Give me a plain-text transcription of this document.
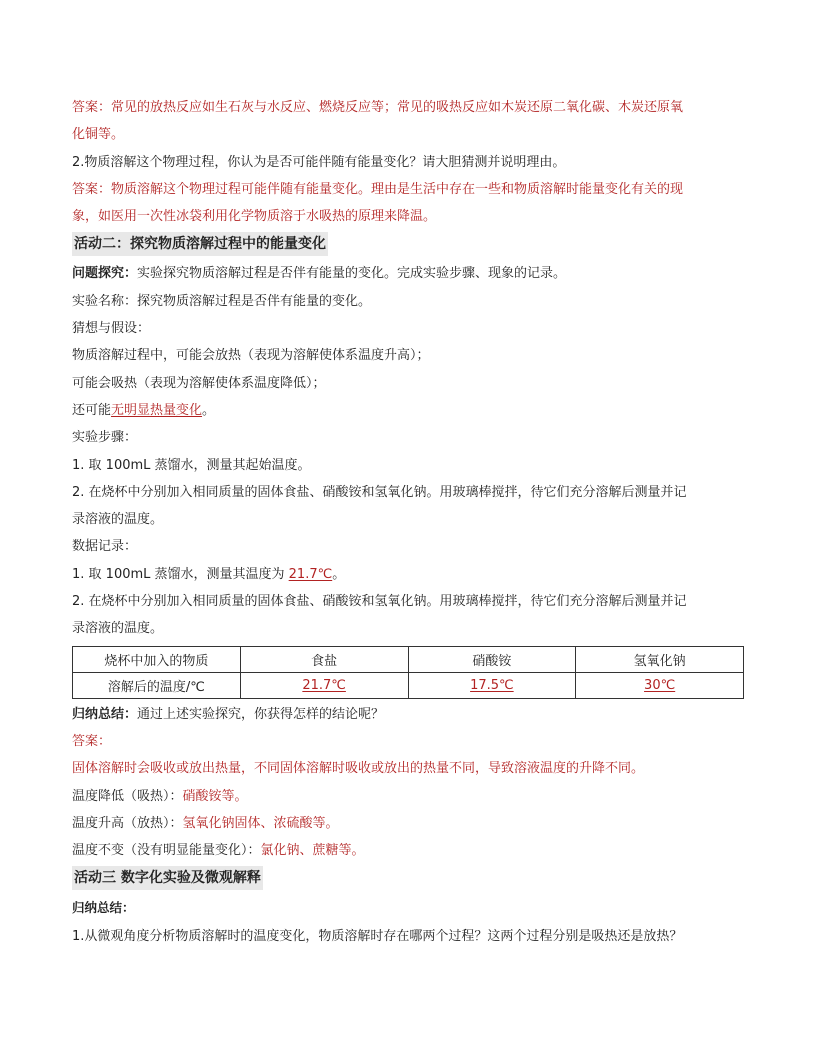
答案：常见的放热反应如生石灰与水反应、燃烧反应等；常见的吸热反应如木炭还原二氧化碳、木炭还原氧
化铜等。
2.物质溶解这个物理过程，你认为是否可能伴随有能量变化？请大胆猜测并说明理由。
答案：物质溶解这个物理过程可能伴随有能量变化。理由是生活中存在一些和物质溶解时能量变化有关的现
象，如医用一次性冰袋利用化学物质溶于水吸热的原理来降温。
活动二：探究物质溶解过程中的能量变化
问题探究：实验探究物质溶解过程是否伴有能量的变化。完成实验步骤、现象的记录。
实验名称：探究物质溶解过程是否伴有能量的变化。
猜想与假设：
物质溶解过程中，可能会放热（表现为溶解使体系温度升高）；
可能会吸热（表现为溶解使体系温度降低）；
还可能无明显热量变化。
实验步骤：
1. 取 100mL 蒸馏水，测量其起始温度。
2. 在烧杯中分别加入相同质量的固体食盐、硝酸铵和氢氧化钠。用玻璃棒搅拌，待它们充分溶解后测量并记
录溶液的温度。
数据记录：
1. 取 100mL 蒸馏水，测量其温度为 21.7℃。
2. 在烧杯中分别加入相同质量的固体食盐、硝酸铵和氢氧化钠。用玻璃棒搅拌，待它们充分溶解后测量并记
录溶液的温度。
烧杯中加入的物质	食盐	硝酸铵	氢氧化钠
溶解后的温度/℃	21.7℃	17.5℃	30℃
归纳总结：通过上述实验探究，你获得怎样的结论呢？
答案：
固体溶解时会吸收或放出热量，不同固体溶解时吸收或放出的热量不同，导致溶液温度的升降不同。
温度降低（吸热）：硝酸铵等。
温度升高（放热）：氢氧化钠固体、浓硫酸等。
温度不变（没有明显能量变化）：氯化钠、蔗糖等。
活动三 数字化实验及微观解释
归纳总结：
1.从微观角度分析物质溶解时的温度变化，物质溶解时存在哪两个过程？这两个过程分别是吸热还是放热？
